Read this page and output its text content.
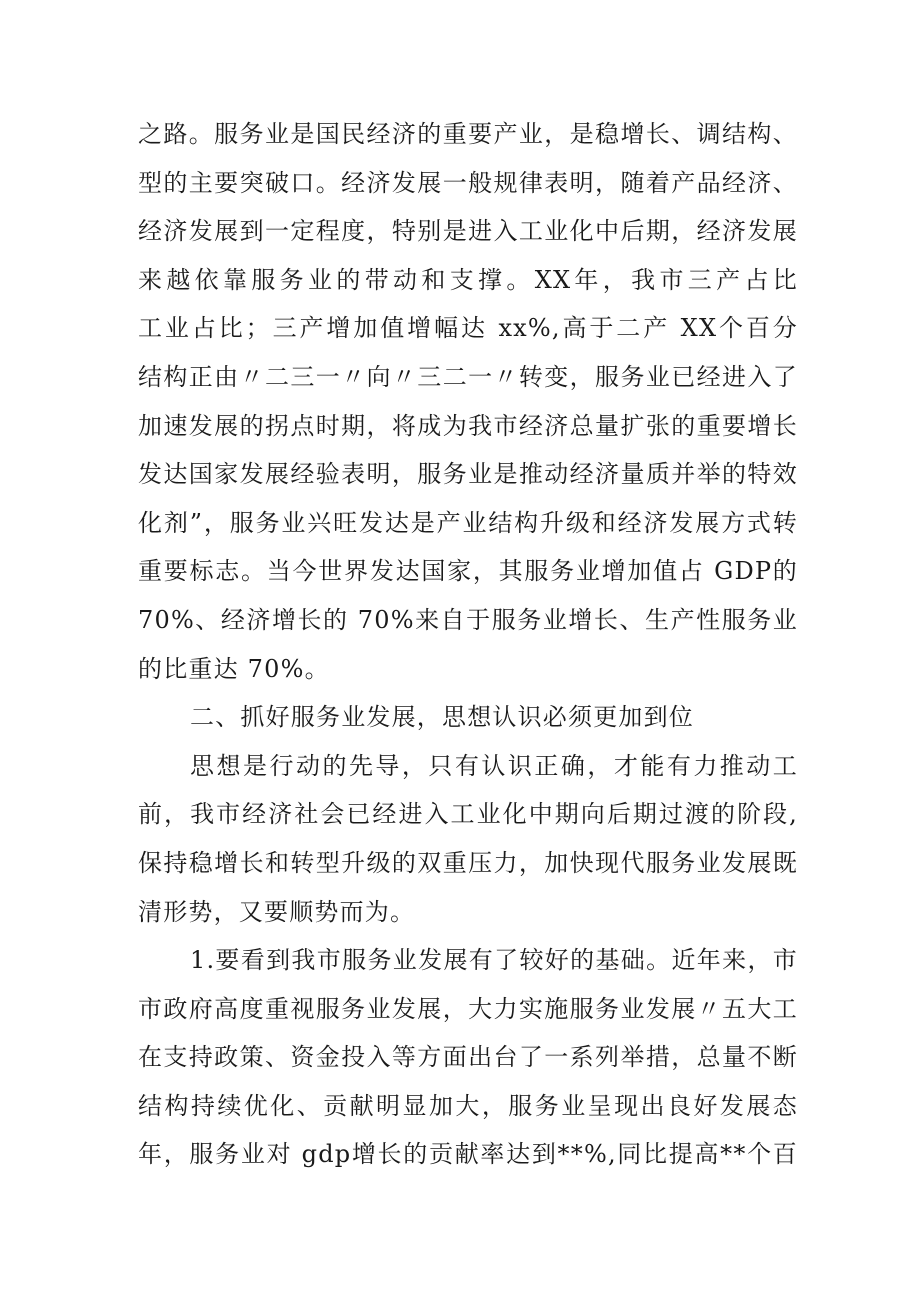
之路。服务业是国民经济的重要产业，是稳增长、调结构、
型的主要突破口。经济发展一般规律表明，随着产品经济、
经济发展到一定程度，特别是进入工业化中后期，经济发展
来越依靠服务业的带动和支撑。XX年，我市三产占比
工业占比；三产增加值增幅达 xx%,高于二产 XX个百分
结构正由〃二三一〃向〃三二一〃转变，服务业已经进入了
加速发展的拐点时期，将成为我市经济总量扩张的重要增长
发达国家发展经验表明，服务业是推动经济量质并举的特效
化剂”，服务业兴旺发达是产业结构升级和经济发展方式转
重要标志。当今世界发达国家，其服务业增加值占 GDP的
70%、经济增长的 70%来自于服务业增长、生产性服务业
的比重达 70%。
二、抓好服务业发展，思想认识必须更加到位
思想是行动的先导，只有认识正确，才能有力推动工
前，我市经济社会已经进入工业化中期向后期过渡的阶段,
保持稳增长和转型升级的双重压力，加快现代服务业发展既
清形势，又要顺势而为。
1.要看到我市服务业发展有了较好的基础。近年来，市
市政府高度重视服务业发展，大力实施服务业发展〃五大工
在支持政策、资金投入等方面出台了一系列举措，总量不断
结构持续优化、贡献明显加大，服务业呈现出良好发展态
年，服务业对 gdp增长的贡献率达到**%,同比提高**个百
